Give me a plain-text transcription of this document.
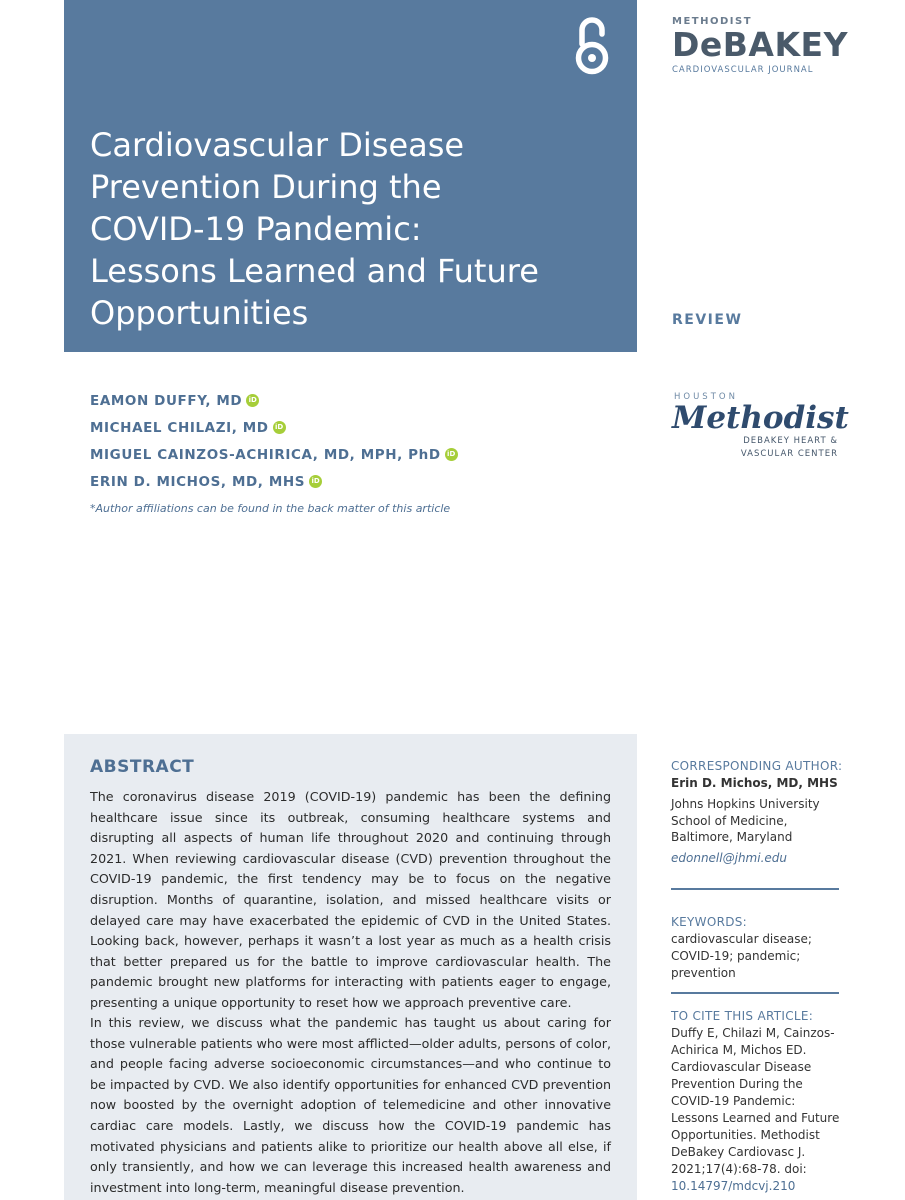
Cardiovascular Disease
Prevention During the
COVID-19 Pandemic:
Lessons Learned and Future
Opportunities
METHODIST
DeBAKEY
CARDIOVASCULAR JOURNAL
REVIEW
EAMON DUFFY, MD iD
MICHAEL CHILAZI, MD iD
MIGUEL CAINZOS-ACHIRICA, MD, MPH, PhD iD
ERIN D. MICHOS, MD, MHS iD
*Author affiliations can be found in the back matter of this article
HOUSTON
Methodist
DEBAKEY HEART &
VASCULAR CENTER
ABSTRACT

The coronavirus disease 2019 (COVID-19) pandemic has been the defining healthcare issue since its outbreak, consuming healthcare systems and disrupting all aspects of human life throughout 2020 and continuing through 2021. When reviewing cardiovascular disease (CVD) prevention throughout the COVID-19 pandemic, the first tendency may be to focus on the negative disruption. Months of quarantine, isolation, and missed healthcare visits or delayed care may have exacerbated the epidemic of CVD in the United States. Looking back, however, perhaps it wasn’t a lost year as much as a health crisis that better prepared us for the battle to improve cardiovascular health. The pandemic brought new platforms for interacting with patients eager to engage, presenting a unique opportunity to reset how we approach preventive care.

In this review, we discuss what the pandemic has taught us about caring for those vulnerable patients who were most afflicted—older adults, persons of color, and people facing adverse socioeconomic circumstances—and who continue to be impacted by CVD. We also identify opportunities for enhanced CVD prevention now boosted by the overnight adoption of telemedicine and other innovative cardiac care models. Lastly, we discuss how the COVID-19 pandemic has motivated physicians and patients alike to prioritize our health above all else, if only transiently, and how we can leverage this increased health awareness and investment into long-term, meaningful disease prevention.

CORRESPONDING AUTHOR:
Erin D. Michos, MD, MHS
Johns Hopkins University School of Medicine, Baltimore, Maryland
edonnell@jhmi.edu
KEYWORDS:
cardiovascular disease; COVID-19; pandemic; prevention
TO CITE THIS ARTICLE:
Duffy E, Chilazi M, Cainzos-Achirica M, Michos ED. Cardiovascular Disease Prevention During the COVID-19 Pandemic: Lessons Learned and Future Opportunities. Methodist DeBakey Cardiovasc J. 2021;17(4):68-78. doi:
10.14797/mdcvj.210
